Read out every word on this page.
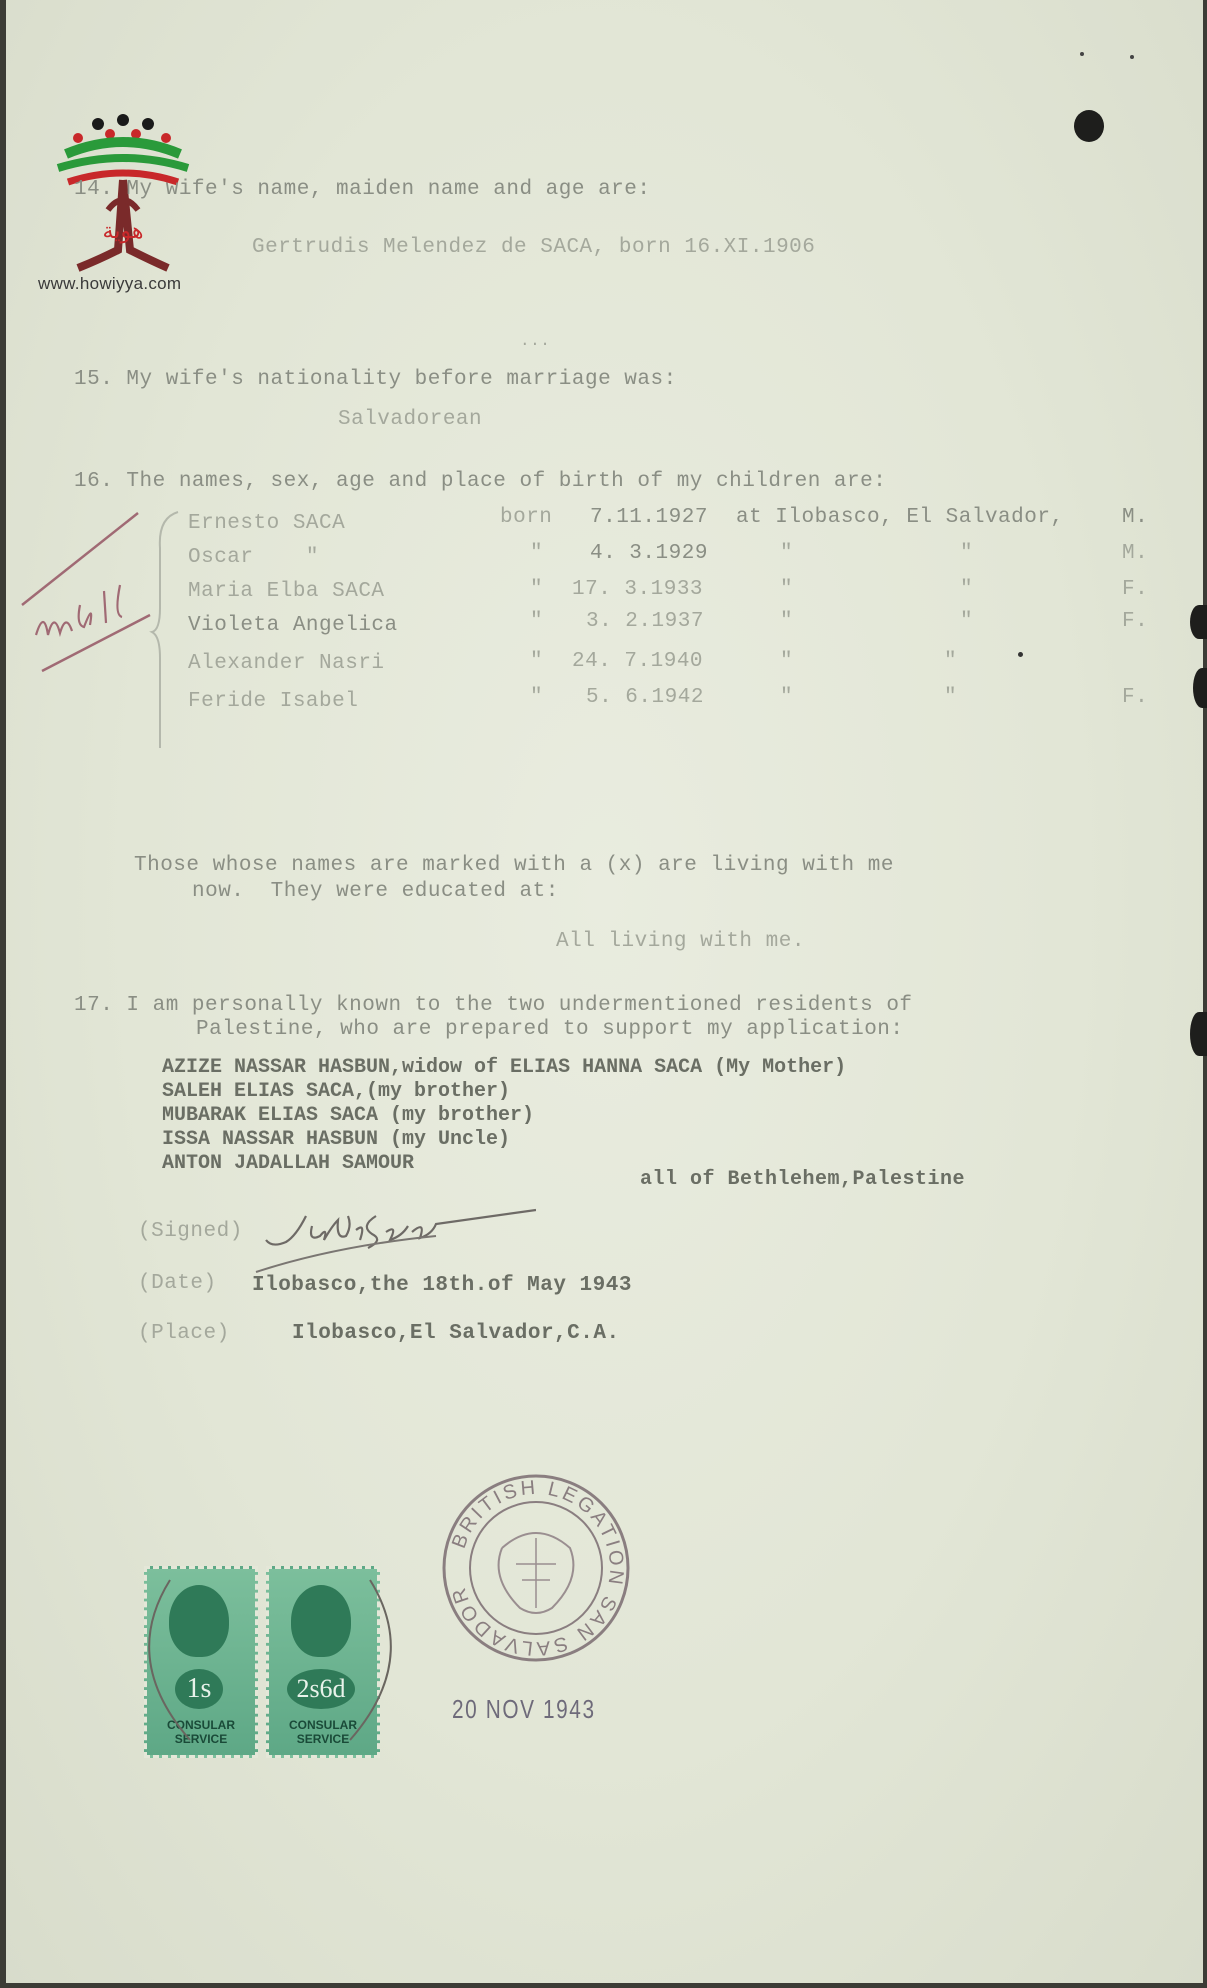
هوية
www.howiyya.com
14. My wife's name, maiden name and age are:
Gertrudis Melendez de SACA, born 16.XI.1906
...
15. My wife's nationality before marriage was:
Salvadorean
16. The names, sex, age and place of birth of my children are:
Ernesto SACA	born 7.11.1927 at Ilobasco, El Salvador,	M.
Oscar    "	" 4. 3.1929	"	"	M.
Maria Elba SACA	" 17. 3.1933	"	"	F.
Violeta Angelica	" 3. 2.1937	"	"	F.
Alexander Nasri	" 24. 7.1940	"	"
Feride Isabel	" 5. 6.1942	"	"	F.
Those whose names are marked with a (x) are living with me
now.  They were educated at:
All living with me.
17. I am personally known to the two undermentioned residents of
Palestine, who are prepared to support my application:
AZIZE NASSAR HASBUN,widow of ELIAS HANNA SACA (My Mother)
SALEH ELIAS SACA,(my brother)
MUBARAK ELIAS SACA (my brother)
ISSA NASSAR HASBUN (my Uncle)
ANTON JADALLAH SAMOUR
all of Bethlehem,Palestine
(Signed)
(Date) Ilobasco,the 18th.of May 1943
(Place)	Ilobasco,El Salvador,C.A.
1s
CONSULAR
SERVICE
2s6d
CONSULAR
SERVICE
BRITISH LEGATION SAN SALVADOR
20 NOV 1943
